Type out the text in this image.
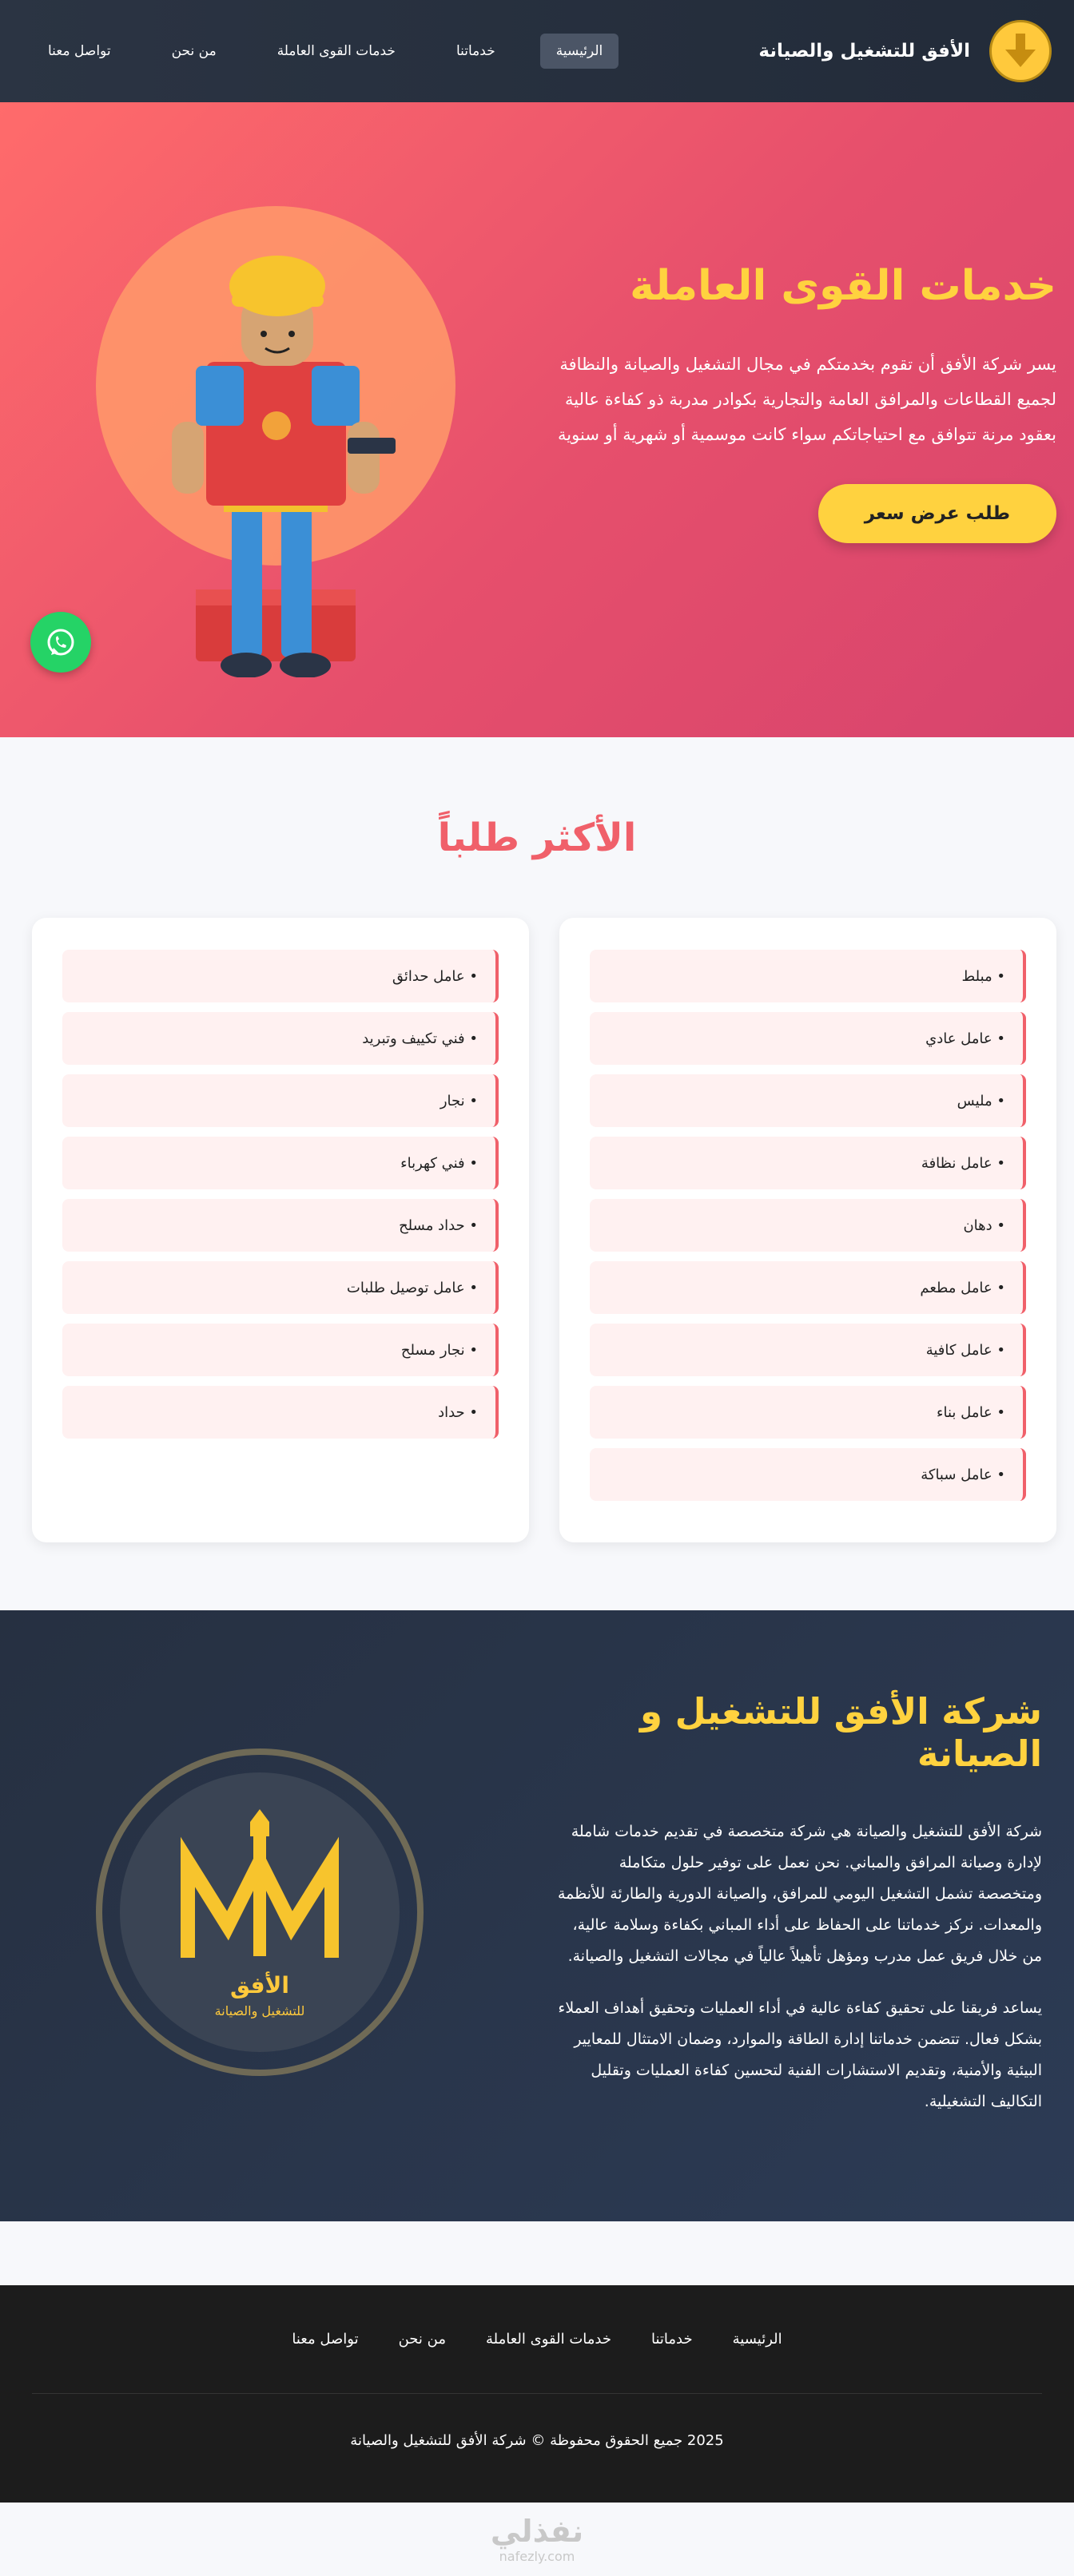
الأفق للتشغيل والصيانة
الرئيسية
خدماتنا
خدمات القوى العاملة
من نحن
تواصل معنا
خدمات القوى العاملة

يسر شركة الأفق أن تقوم بخدمتكم في مجال التشغيل والصيانة والنظافة لجميع القطاعات والمرافق العامة والتجارية بكوادر مدربة ذو كفاءة عالية بعقود مرنة تتوافق مع احتياجاتكم سواء كانت موسمية أو شهرية أو سنوية

طلب عرض سعر
الأكثر طلباً
• مبلط
• عامل عادي
• مليس
• عامل نظافة
• دهان
• عامل مطعم
• عامل كافية
• عامل بناء
• عامل سباكة
• عامل حدائق
• فني تكييف وتبريد
• نجار
• فني كهرباء
• حداد مسلح
• عامل توصيل طلبات
• نجار مسلح
• حداد
شركة الأفق للتشغيل و الصيانة

شركة الأفق للتشغيل والصيانة هي شركة متخصصة في تقديم خدمات شاملة لإدارة وصيانة المرافق والمباني. نحن نعمل على توفير حلول متكاملة ومتخصصة تشمل التشغيل اليومي للمرافق، والصيانة الدورية والطارئة للأنظمة والمعدات. نركز خدماتنا على الحفاظ على أداء المباني بكفاءة وسلامة عالية، من خلال فريق عمل مدرب ومؤهل تأهيلاً عالياً في مجالات التشغيل والصيانة.

يساعد فريقنا على تحقيق كفاءة عالية في أداء العمليات وتحقيق أهداف العملاء بشكل فعال. تتضمن خدماتنا إدارة الطاقة والموارد، وضمان الامتثال للمعايير البيئية والأمنية، وتقديم الاستشارات الفنية لتحسين كفاءة العمليات وتقليل التكاليف التشغيلية.

الأفق
للتشغيل والصيانة
الرئيسية
خدماتنا
خدمات القوى العاملة
من نحن
تواصل معنا
2025 جميع الحقوق محفوظة © شركة الأفق للتشغيل والصيانة
نفذلي
nafezly.com
